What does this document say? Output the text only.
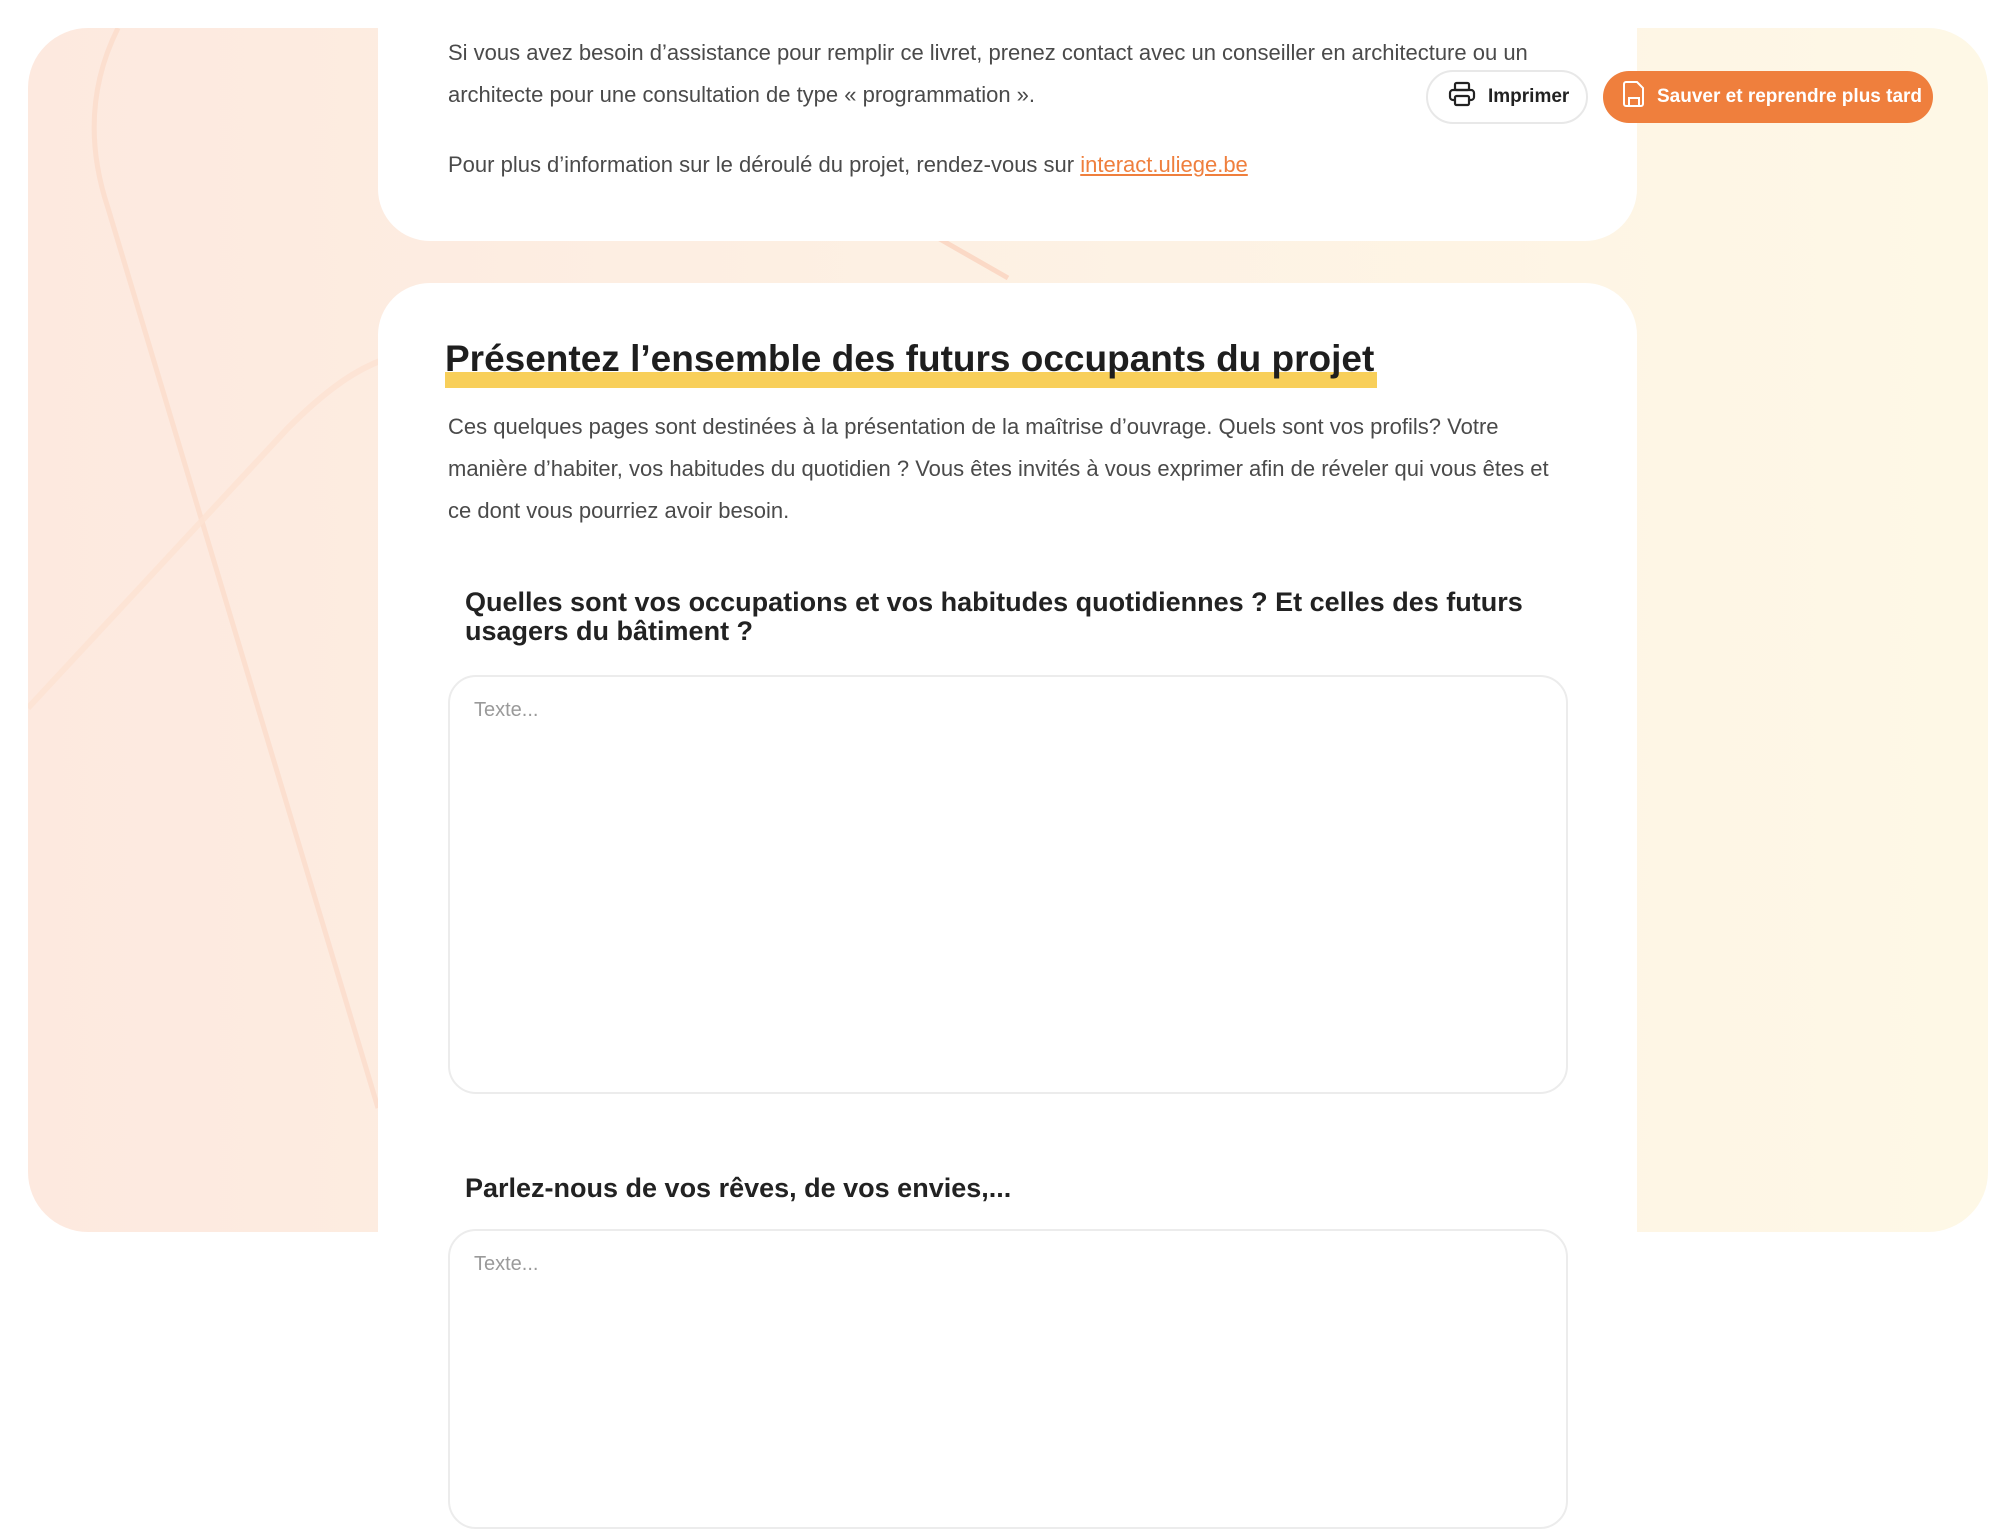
Si vous avez besoin d’assistance pour remplir ce livret, prenez contact avec un conseiller en architecture ou un architecte pour une consultation de type « programmation ».

Pour plus d’information sur le déroulé du projet, rendez-vous sur interact.uliege.be

Imprimer	Sauver et reprendre plus tard
Présentez l’ensemble des futurs occupants du projet

Ces quelques pages sont destinées à la présentation de la maîtrise d’ouvrage. Quels sont vos profils? Votre manière d’habiter, vos habitudes du quotidien ? Vous êtes invités à vous exprimer afin de réveler qui vous êtes et ce dont vous pourriez avoir besoin.

Quelles sont vos occupations et vos habitudes quotidiennes ? Et celles des futurs usagers du bâtiment ?
Texte...
Parlez-nous de vos rêves, de vos envies,...
Texte...
